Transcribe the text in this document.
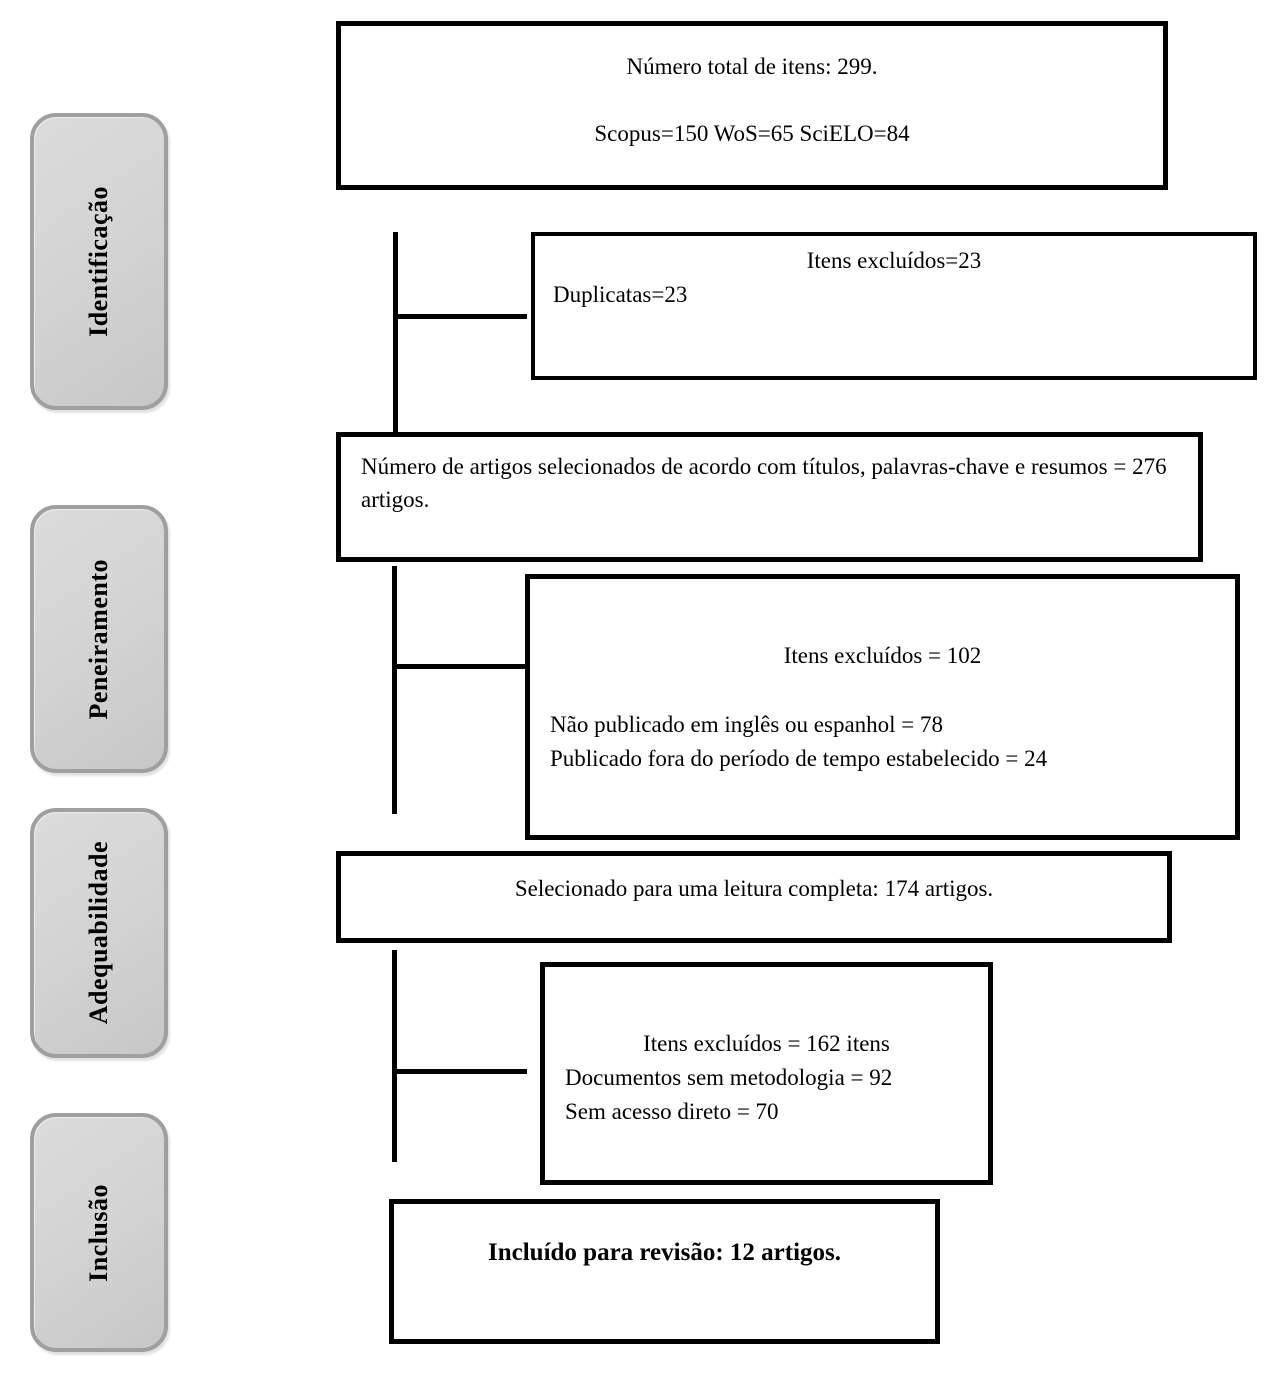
Identificação
Peneiramento
Adequabilidade
Inclusão
Número total de itens: 299.
Scopus=150 WoS=65 SciELO=84
Itens excluídos=23
Duplicatas=23
Número de artigos selecionados de acordo com títulos, palavras-chave e resumos = 276 artigos.
Itens excluídos = 102
Não publicado em inglês ou espanhol = 78
Publicado fora do período de tempo estabelecido = 24
Selecionado para uma leitura completa: 174 artigos.
Itens excluídos = 162 itens
Documentos sem metodologia = 92
Sem acesso direto = 70
Incluído para revisão: 12 artigos.
